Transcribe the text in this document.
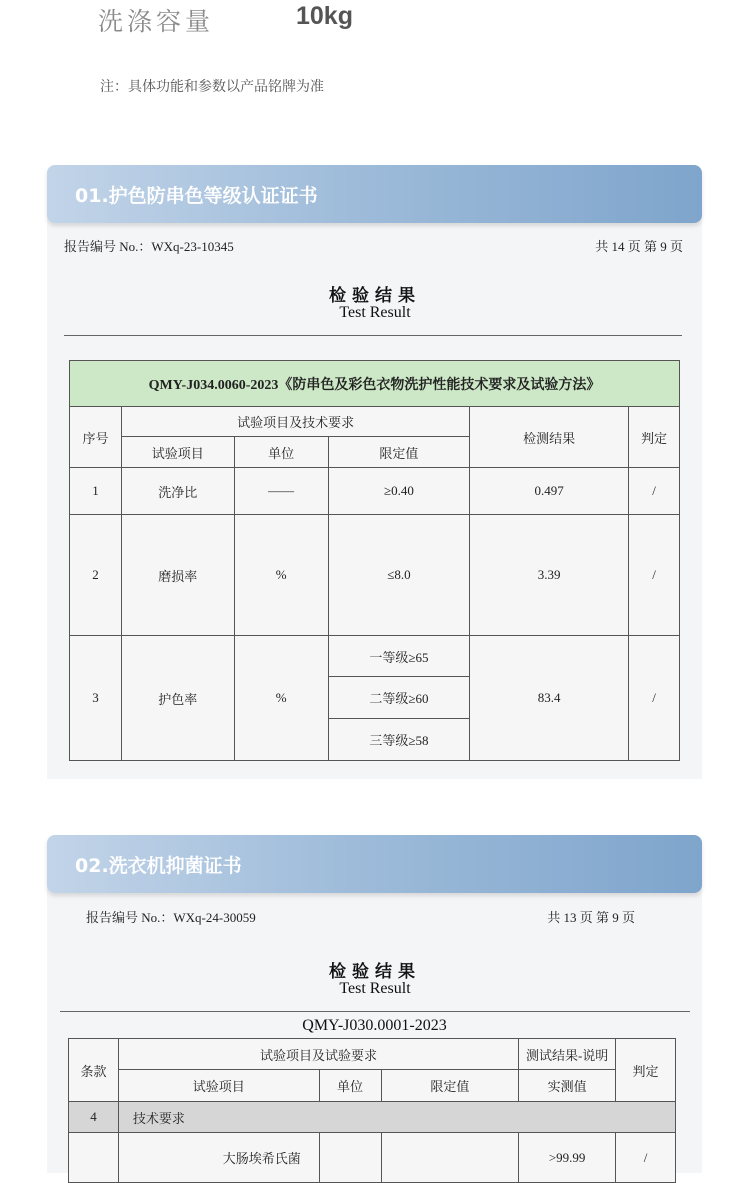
洗涤容量	10kg
注：具体功能和参数以产品铭牌为准
报告编号 No.：WXq-23-10345	共 14 页 第 9 页
检验结果
Test Result
01.护色防串色等级认证证书
QMY-J034.0060-2023《防串色及彩色衣物洗护性能技术要求及试验方法》					
序号	试验项目及技术要求			检测结果	判定
	试验项目	单位	限定值		
1	洗净比	——	≥0.40	0.497	/
2	磨损率	%	≤8.0	3.39	/
3	护色率	%	一等级≥65	83.4	/
			二等级≥60		
			三等级≥58		
报告编号 No.：WXq-24-30059	共 13 页 第 9 页
检验结果
Test Result
QMY-J030.0001-2023
02.洗衣机抑菌证书
条款	试验项目及试验要求			测试结果-说明	判定
	试验项目	单位	限定值	实测值	
4	技术要求				
	大肠埃希氏菌			>99.99	/
